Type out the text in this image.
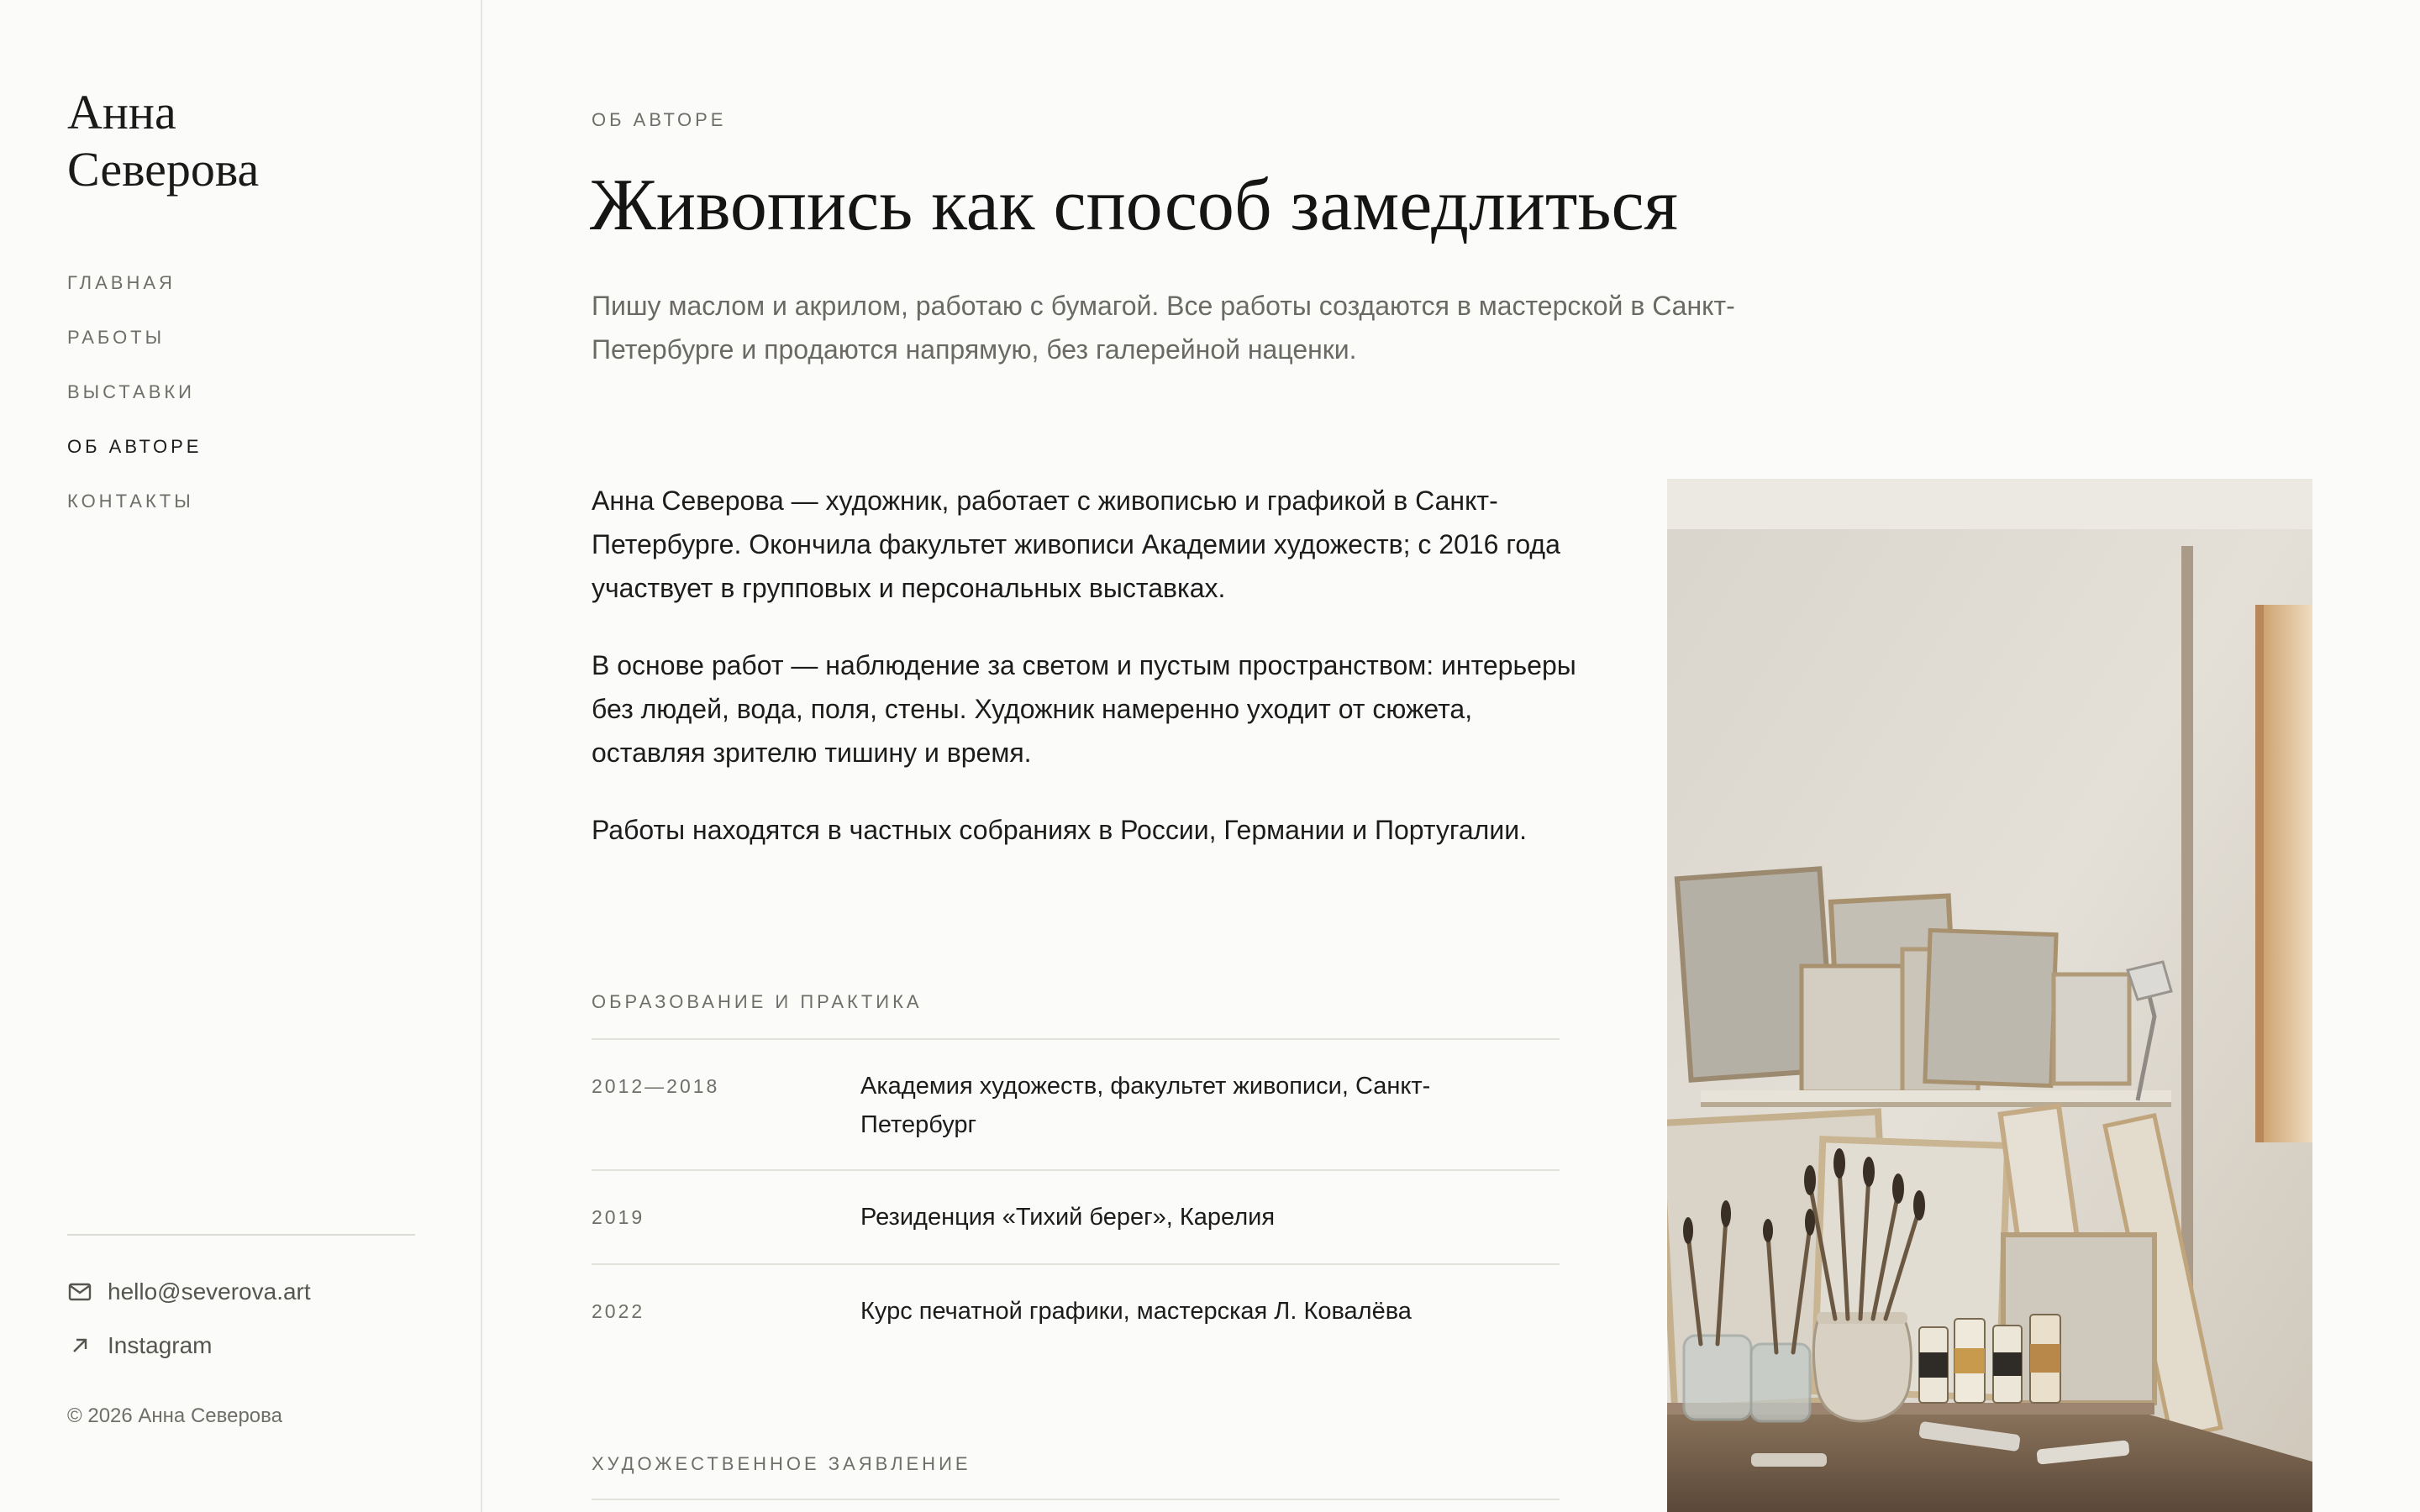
Анна
Северова
ГЛАВНАЯ
РАБОТЫ
ВЫСТАВКИ
ОБ АВТОРЕ
КОНТАКТЫ
hello@severova.art
Instagram
© 2026 Анна Северова
ОБ АВТОРЕ
Живопись как способ замедлиться

Пишу маслом и акрилом, работаю с бумагой. Все работы создаются в мастерской в Санкт-Петербурге и продаются напрямую, без галерейной наценки.

Анна Северова — художник, работает с живописью и графикой в Санкт-Петербурге. Окончила факультет живописи Академии художеств; с 2016 года участвует в групповых и персональных выставках.

В основе работ — наблюдение за светом и пустым пространством: интерьеры без людей, вода, поля, стены. Художник намеренно уходит от сюжета, оставляя зрителю тишину и время.

Работы находятся в частных собраниях в России, Германии и Португалии.

ОБРАЗОВАНИЕ И ПРАКТИКА
2012—2018	Академия художеств, факультет живописи, Санкт-Петербург
2019	Резиденция «Тихий берег», Карелия
2022	Курс печатной графики, мастерская Л. Ковалёва
ХУДОЖЕСТВЕННОЕ ЗАЯВЛЕНИЕ
